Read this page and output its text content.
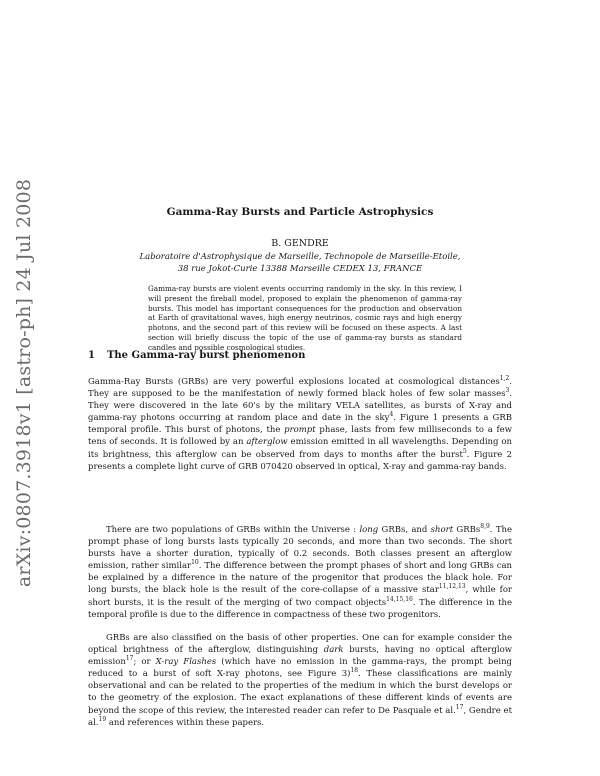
arXiv:0807.3918v1 [astro-ph] 24 Jul 2008	Gamma-Ray Bursts and Particle Astrophysics
B. GENDRE
Laboratoire d'Astrophysique de Marseille, Technopole de Marseille-Etoile,
38 rue Jokot-Curie 13388 Marseille CEDEX 13, FRANCE
Gamma-ray bursts are violent events occurring randomly in the sky. In this review, I will present the fireball model, proposed to explain the phenomenon of gamma-ray bursts. This model has important consequences for the production and observation at Earth of gravitational waves, high energy neutrinos, cosmic rays and high energy photons, and the second part of this review will be focused on these aspects. A last section will briefly discuss the topic of the use of gamma-ray bursts as standard candles and possible cosmological studies.
1 The Gamma-ray burst phenomenon
Gamma-Ray Bursts (GRBs) are very powerful explosions located at cosmological distances$^{1,2}$. They are supposed to be the manifestation of newly formed black holes of few solar masses$^3$. They were discovered in the late 60's by the military VELA satellites, as bursts of X-ray and gamma-ray photons occurring at random place and date in the sky$^4$. Figure 1 presents a GRB temporal profile. This burst of photons, the prompt phase, lasts from few milliseconds to a few tens of seconds. It is followed by an afterglow emission emitted in all wavelengths. Depending on its brightness, this afterglow can be observed from days to months after the burst$^5$. Figure 2 presents a complete light curve of GRB 070420 observed in optical, X-ray and gamma-ray bands.
There are two populations of GRBs within the Universe : long GRBs, and short GRBs$^{8,9}$. The prompt phase of long bursts lasts typically 20 seconds, and more than two seconds. The short bursts have a shorter duration, typically of 0.2 seconds. Both classes present an afterglow emission, rather similar$^{10}$. The difference between the prompt phases of short and long GRBs can be explained by a difference in the nature of the progenitor that produces the black hole. For long bursts, the black hole is the result of the core-collapse of a massive star$^{11,12,13}$, while for short bursts, it is the result of the merging of two compact objects$^{14,15,16}$. The difference in the temporal profile is due to the difference in compactness of these two progenitors.
GRBs are also classified on the basis of other properties. One can for example consider the optical brightness of the afterglow, distinguishing dark bursts, having no optical afterglow emission$^{17}$; or X-ray Flashes (which have no emission in the gamma-rays, the prompt being reduced to a burst of soft X-ray photons, see Figure 3)$^{18}$. These classifications are mainly observational and can be related to the properties of the medium in which the burst develops or to the geometry of the explosion. The exact explanations of these different kinds of events are beyond the scope of this review, the interested reader can refer to De Pasquale et al.$^{17}$, Gendre et al.$^{19}$ and references within these papers.
